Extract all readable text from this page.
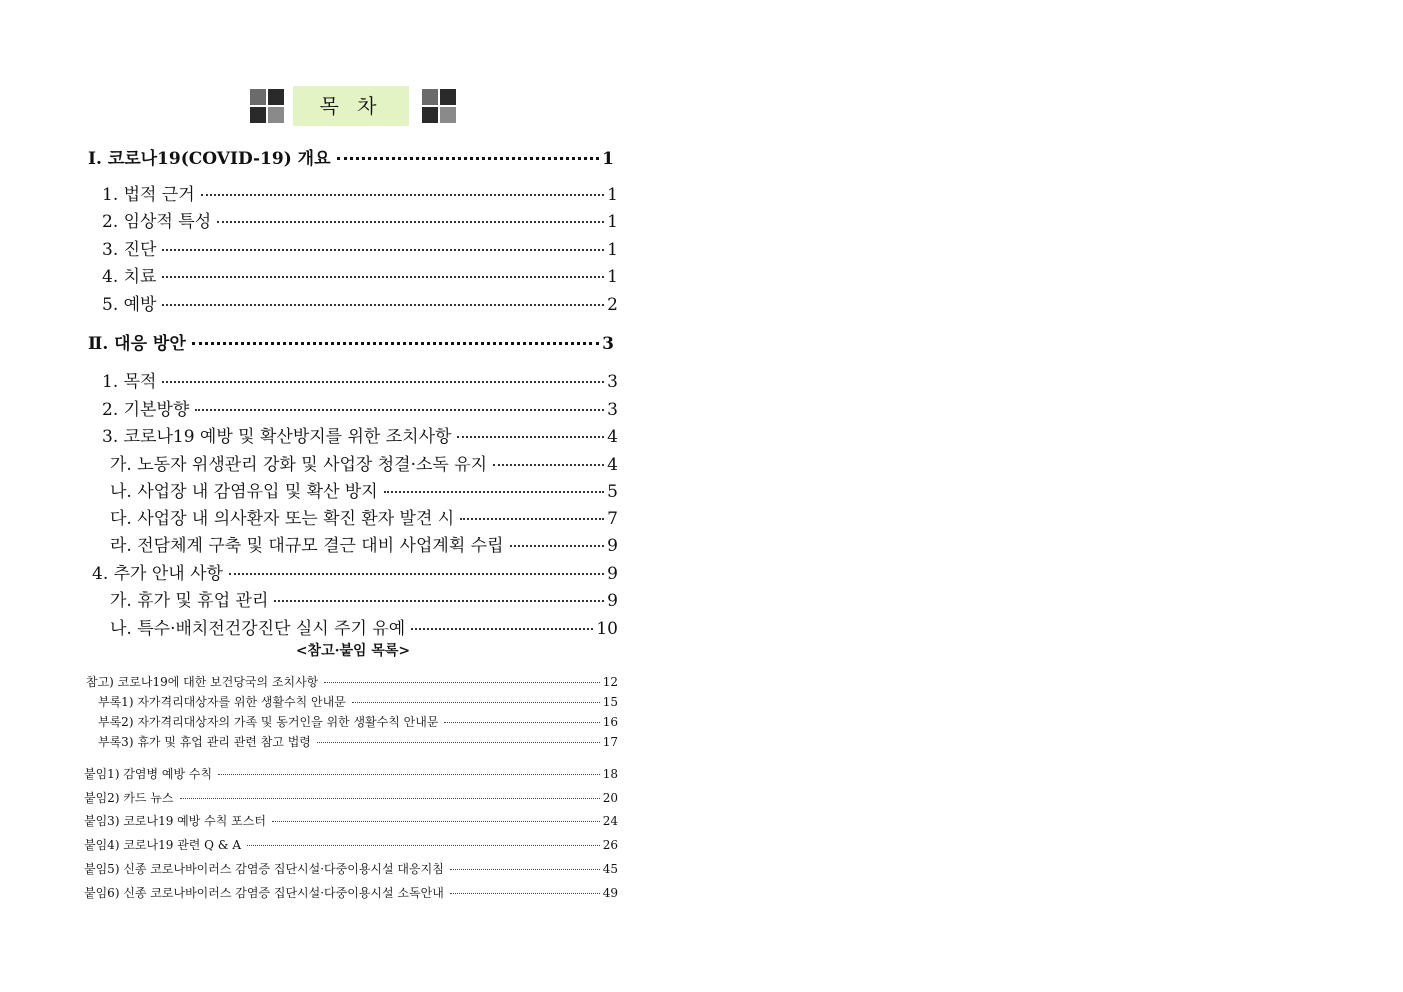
목 차
Ⅰ. 코로나19(COVID-19) 개요	1
1. 법적 근거	1
2. 임상적 특성	1
3. 진단	1
4. 치료	1
5. 예방	2
Ⅱ. 대응 방안	3
1. 목적	3
2. 기본방향	3
3. 코로나19 예방 및 확산방지를 위한 조치사항	4
가. 노동자 위생관리 강화 및 사업장 청결·소독 유지	4
나. 사업장 내 감염유입 및 확산 방지	5
다. 사업장 내 의사환자 또는 확진 환자 발견 시	7
라. 전담체계 구축 및 대규모 결근 대비 사업계획 수립	9
4. 추가 안내 사항	9
가. 휴가 및 휴업 관리	9
나. 특수·배치전건강진단 실시 주기 유예	10
<참고·붙임 목록>
참고) 코로나19에 대한 보건당국의 조치사항	12
부록1) 자가격리대상자를 위한 생활수칙 안내문	15
부록2) 자가격리대상자의 가족 및 동거인을 위한 생활수칙 안내문	16
부록3) 휴가 및 휴업 관리 관련 참고 법령	17
붙임1) 감염병 예방 수칙	18
붙임2) 카드 뉴스	20
붙임3) 코로나19 예방 수칙 포스터	24
붙임4) 코로나19 관련 Q & A	26
붙임5) 신종 코로나바이러스 감염증 집단시설·다중이용시설 대응지침	45
붙임6) 신종 코로나바이러스 감염증 집단시설·다중이용시설 소독안내	49
